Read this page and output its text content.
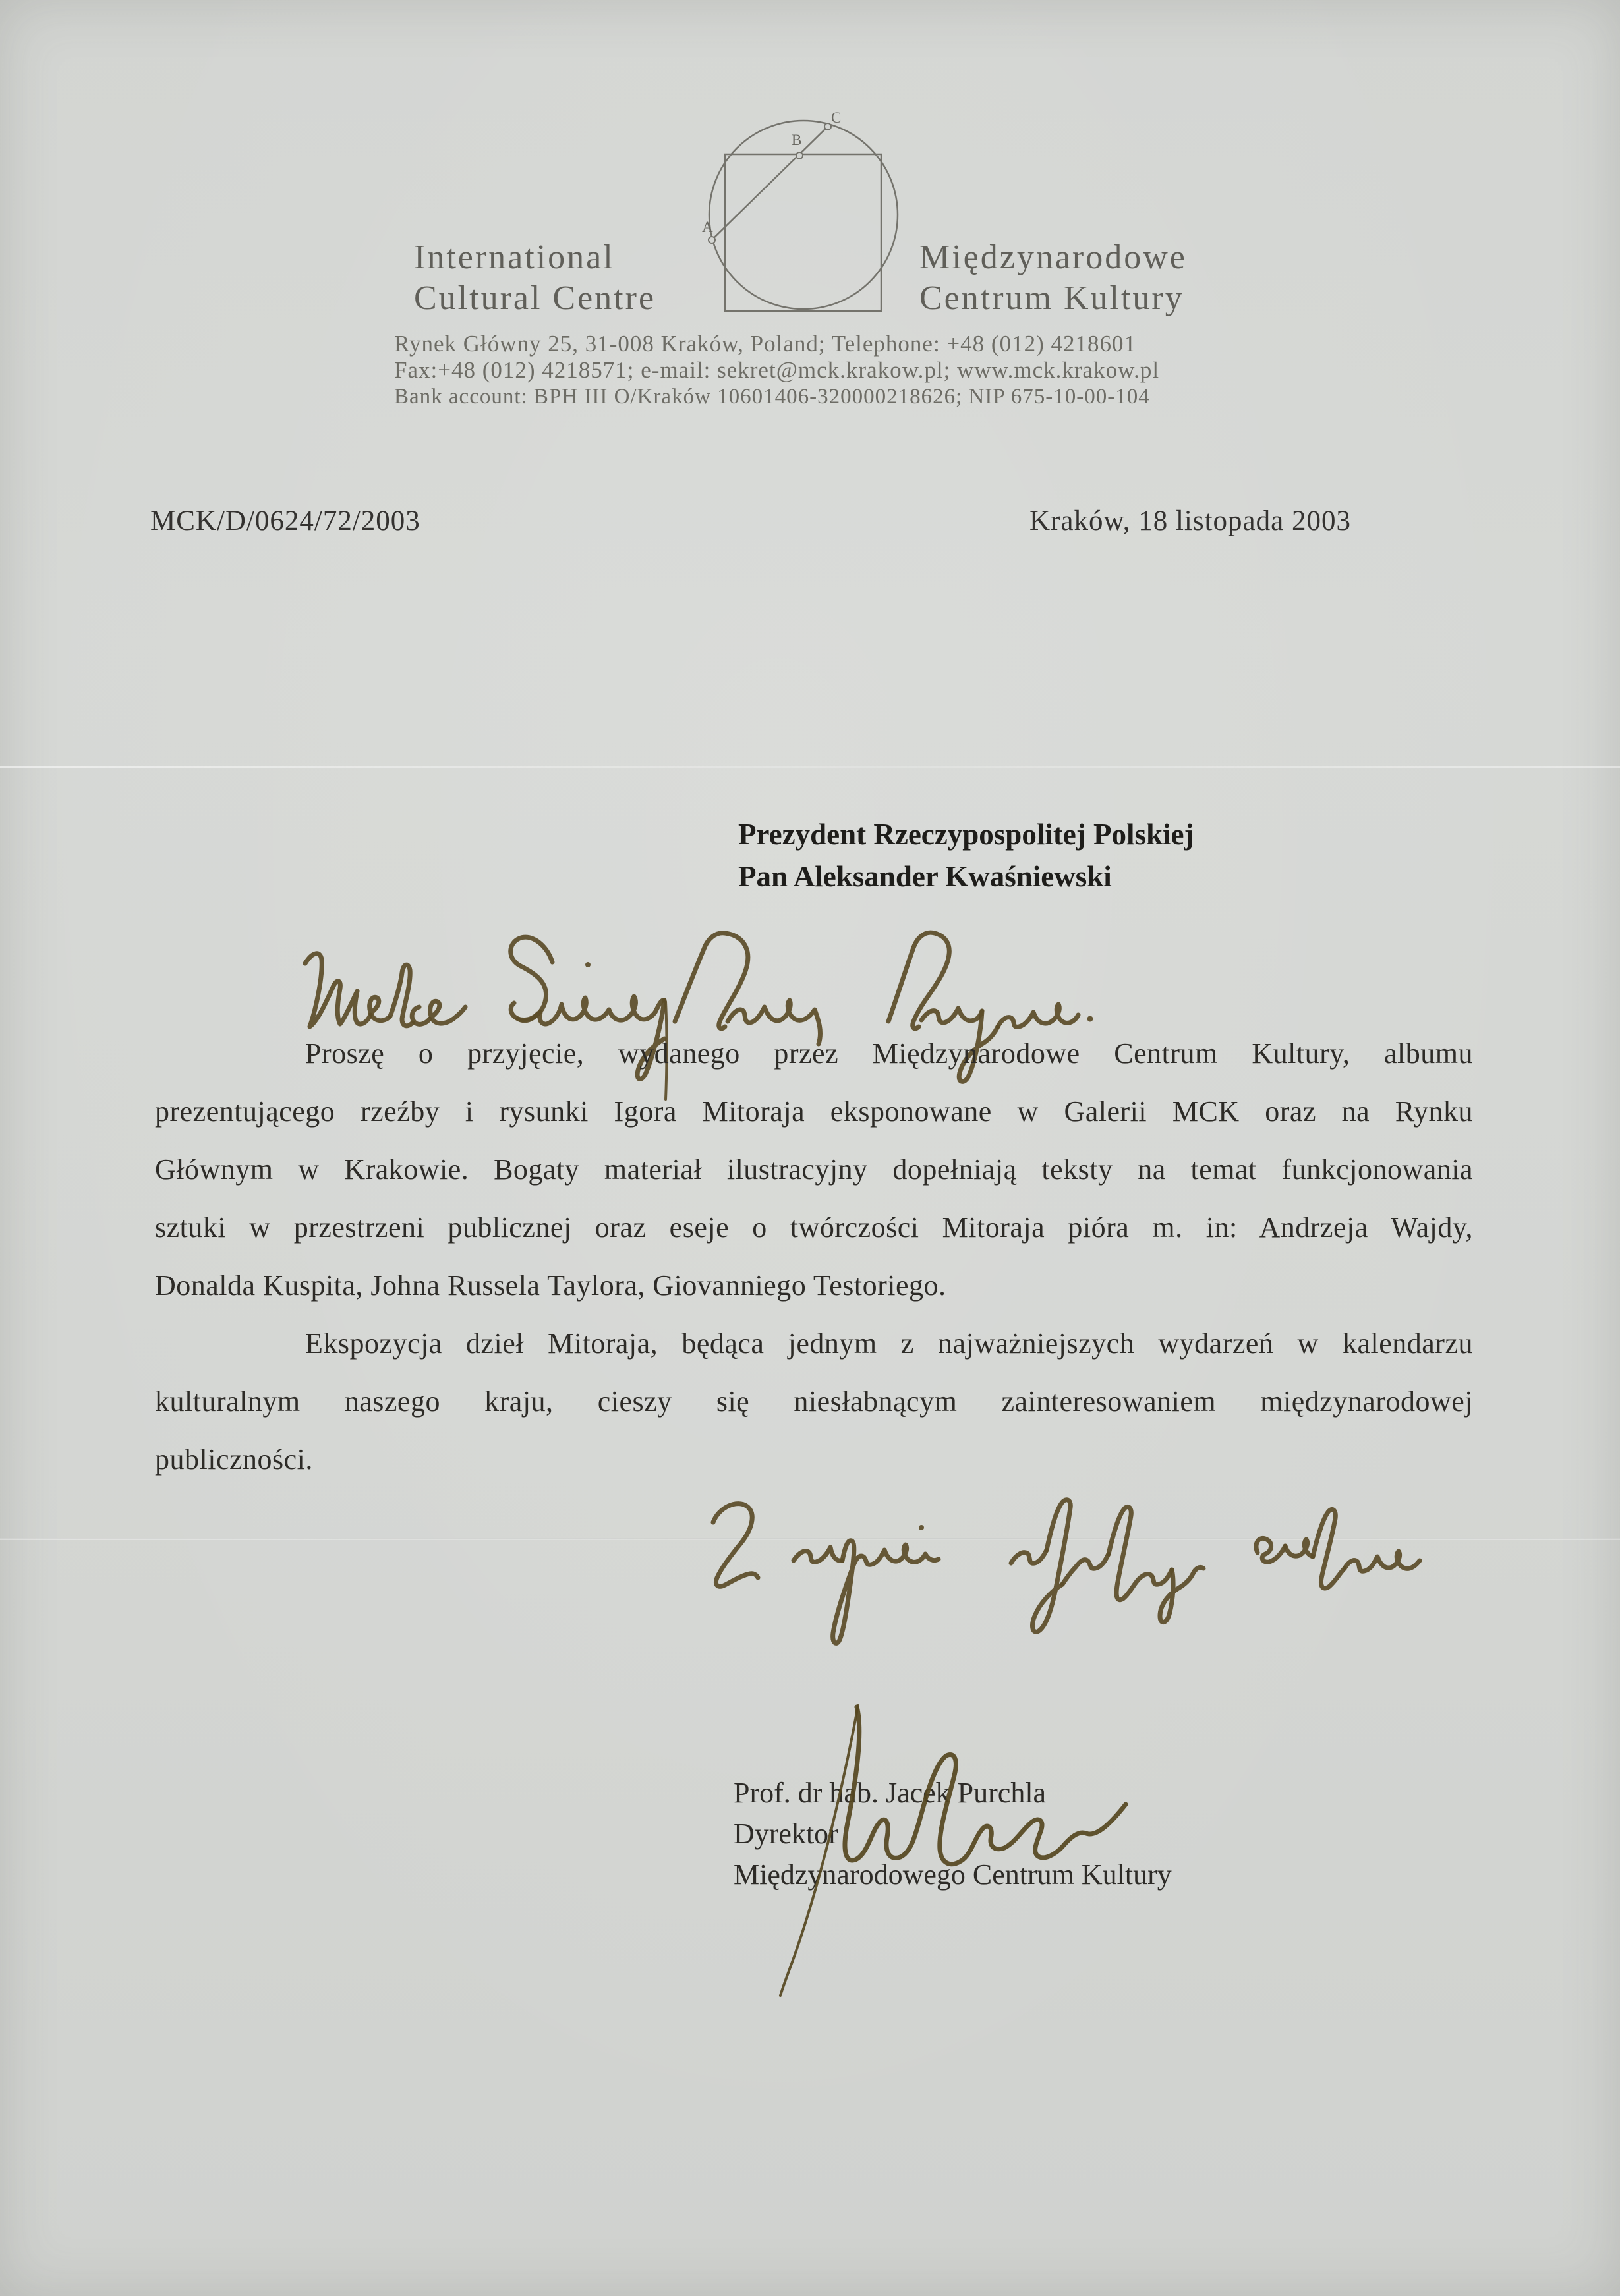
International
Cultural Centre
A
B
C
Międzynarodowe
Centrum Kultury
Rynek Główny 25, 31-008 Kraków, Poland; Telephone: +48 (012) 4218601
Fax:+48 (012) 4218571; e-mail: sekret@mck.krakow.pl; www.mck.krakow.pl
Bank account: BPH III O/Kraków 10601406-320000218626; NIP 675-10-00-104
MCK/D/0624/72/2003	Kraków, 18 listopada 2003
Prezydent Rzeczypospolitej Polskiej
Pan Aleksander Kwaśniewski
Proszę o przyjęcie, wydanego przez Międzynarodowe Centrum Kultury, albumu
prezentującego rzeźby i rysunki Igora Mitoraja eksponowane w Galerii MCK oraz na Rynku
Głównym w Krakowie. Bogaty materiał ilustracyjny dopełniają teksty na temat funkcjonowania
sztuki w przestrzeni publicznej oraz eseje o twórczości Mitoraja pióra m. in: Andrzeja Wajdy,
Donalda Kuspita, Johna Russela Taylora, Giovanniego Testoriego.
Ekspozycja dzieł Mitoraja, będąca jednym z najważniejszych wydarzeń w kalendarzu
kulturalnym naszego kraju, cieszy się niesłabnącym zainteresowaniem międzynarodowej
publiczności.
Prof. dr hab. Jacek Purchla
Dyrektor
Międzynarodowego Centrum Kultury
